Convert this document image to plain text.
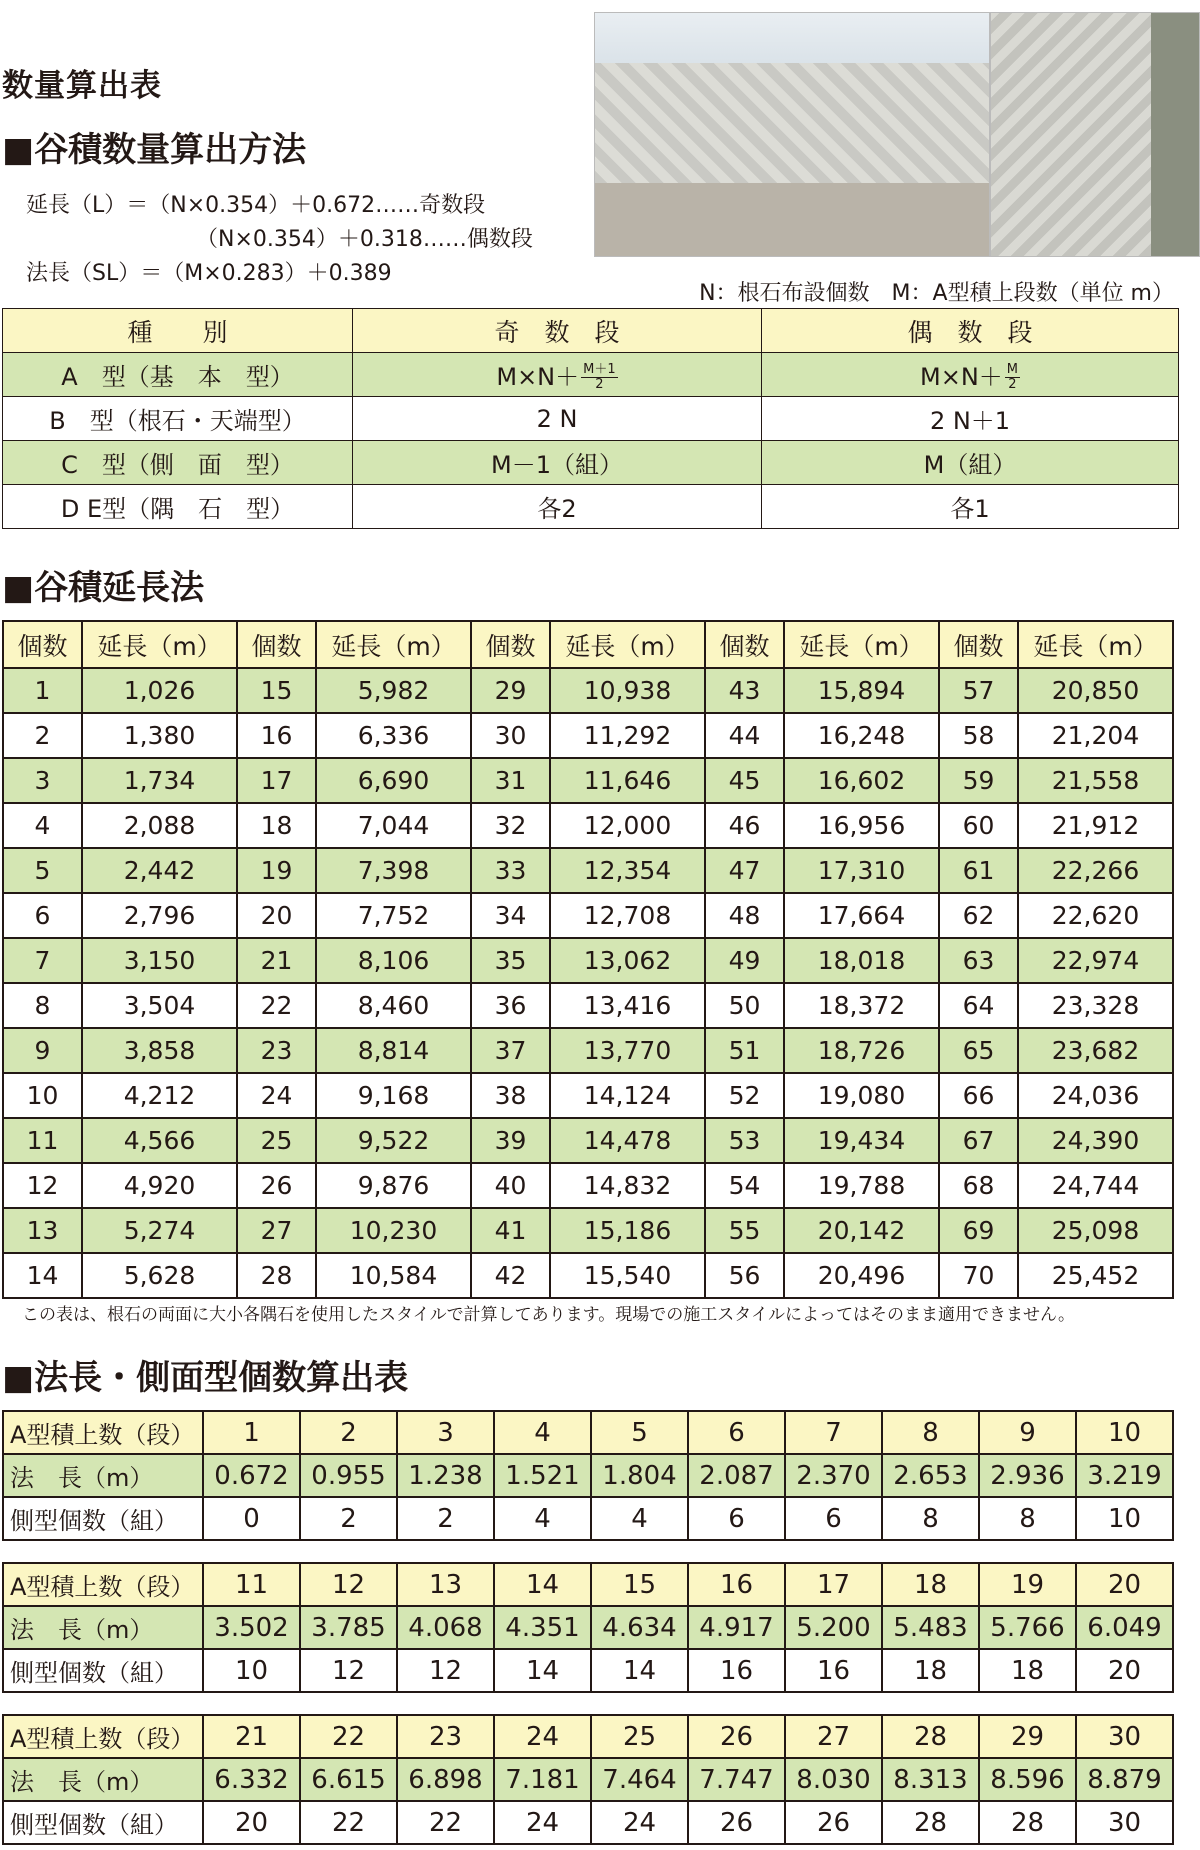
数量算出表
■谷積数量算出方法
延長（L）＝（N×0.354）＋0.672……奇数段
（N×0.354）＋0.318……偶数段
法長（SL）＝（M×0.283）＋0.389
N：根石布設個数　M：A型積上段数（単位 m）
種　　別	奇　数　段	偶　数　段
A　型（基　本　型）	$M\times N+ \frac{M+1}{2}$	$M\times N+ \frac{M}{2}$

B　型（根石・天端型）	2 N	2 N＋1
C　型（側　面　型）	M－1（組）	M（組）
D E型（隅　石　型）	各2	各1
■谷積延長法
個数	延長（m）	個数	延長（m）	個数	延長（m）	個数	延長（m）	個数	延長（m）
1	1,026	15	5,982	29	10,938	43	15,894	57	20,850
2	1,380	16	6,336	30	11,292	44	16,248	58	21,204
3	1,734	17	6,690	31	11,646	45	16,602	59	21,558
4	2,088	18	7,044	32	12,000	46	16,956	60	21,912
5	2,442	19	7,398	33	12,354	47	17,310	61	22,266
6	2,796	20	7,752	34	12,708	48	17,664	62	22,620
7	3,150	21	8,106	35	13,062	49	18,018	63	22,974
8	3,504	22	8,460	36	13,416	50	18,372	64	23,328
9	3,858	23	8,814	37	13,770	51	18,726	65	23,682
10	4,212	24	9,168	38	14,124	52	19,080	66	24,036
11	4,566	25	9,522	39	14,478	53	19,434	67	24,390
12	4,920	26	9,876	40	14,832	54	19,788	68	24,744
13	5,274	27	10,230	41	15,186	55	20,142	69	25,098
14	5,628	28	10,584	42	15,540	56	20,496	70	25,452
この表は、根石の両面に大小各隅石を使用したスタイルで計算してあります。現場での施工スタイルによってはそのまま適用できません。
■法長・側面型個数算出表
A型積上数（段）	1	2	3	4	5	6	7	8	9	10
法　長（m）	0.672	0.955	1.238	1.521	1.804	2.087	2.370	2.653	2.936	3.219
側型個数（組）	0	2	2	4	4	6	6	8	8	10
A型積上数（段）	11	12	13	14	15	16	17	18	19	20
法　長（m）	3.502	3.785	4.068	4.351	4.634	4.917	5.200	5.483	5.766	6.049
側型個数（組）	10	12	12	14	14	16	16	18	18	20
A型積上数（段）	21	22	23	24	25	26	27	28	29	30
法　長（m）	6.332	6.615	6.898	7.181	7.464	7.747	8.030	8.313	8.596	8.879
側型個数（組）	20	22	22	24	24	26	26	28	28	30
